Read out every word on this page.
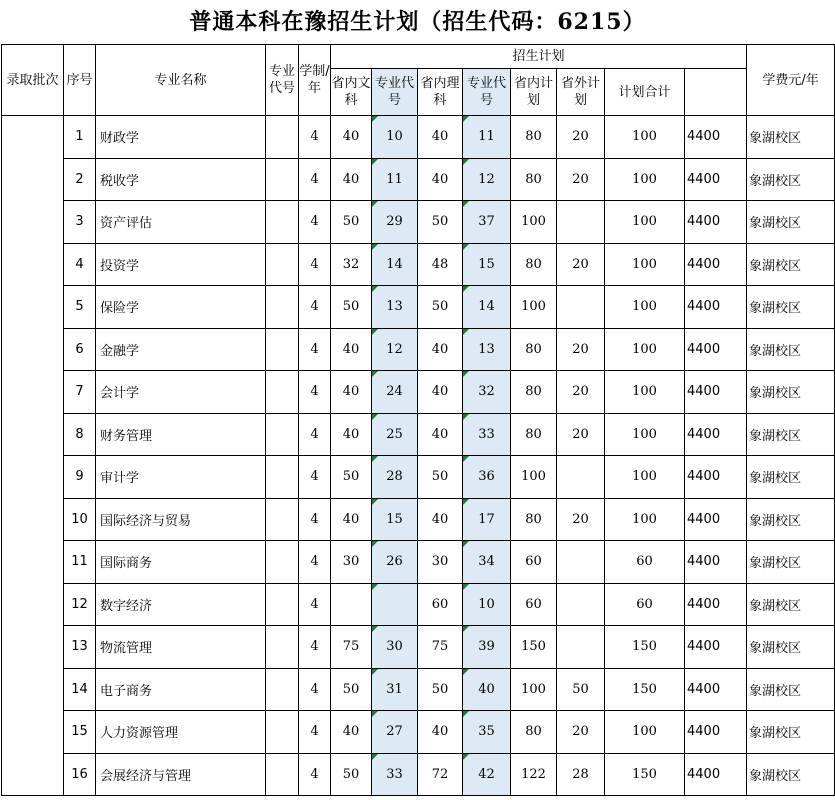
普通本科在豫招生计划（招生代码：6215）
录取批次	序号	专业名称	专业代号	学制/年	招生计划								学费元/年	
					省内文科	专业代号	省内理科	专业代号	省内计划	省外计划	计划合计			
	1	财政学		4	40	10	40	11	80	20	100	4400	象湖校区	
	2	税收学		4	40	11	40	12	80	20	100	4400	象湖校区	
	3	资产评估		4	50	29	50	37	100		100	4400	象湖校区	
	4	投资学		4	32	14	48	15	80	20	100	4400	象湖校区	
	5	保险学		4	50	13	50	14	100		100	4400	象湖校区	
	6	金融学		4	40	12	40	13	80	20	100	4400	象湖校区	
	7	会计学		4	40	24	40	32	80	20	100	4400	象湖校区	
	8	财务管理		4	40	25	40	33	80	20	100	4400	象湖校区	
	9	审计学		4	50	28	50	36	100		100	4400	象湖校区	
	10	国际经济与贸易		4	40	15	40	17	80	20	100	4400	象湖校区	
	11	国际商务		4	30	26	30	34	60		60	4400	象湖校区	
	12	数字经济		4			60	10	60		60	4400	象湖校区	
	13	物流管理		4	75	30	75	39	150		150	4400	象湖校区	
	14	电子商务		4	50	31	50	40	100	50	150	4400	象湖校区	
	15	人力资源管理		4	40	27	40	35	80	20	100	4400	象湖校区	
	16	会展经济与管理		4	50	33	72	42	122	28	150	4400	象湖校区	
